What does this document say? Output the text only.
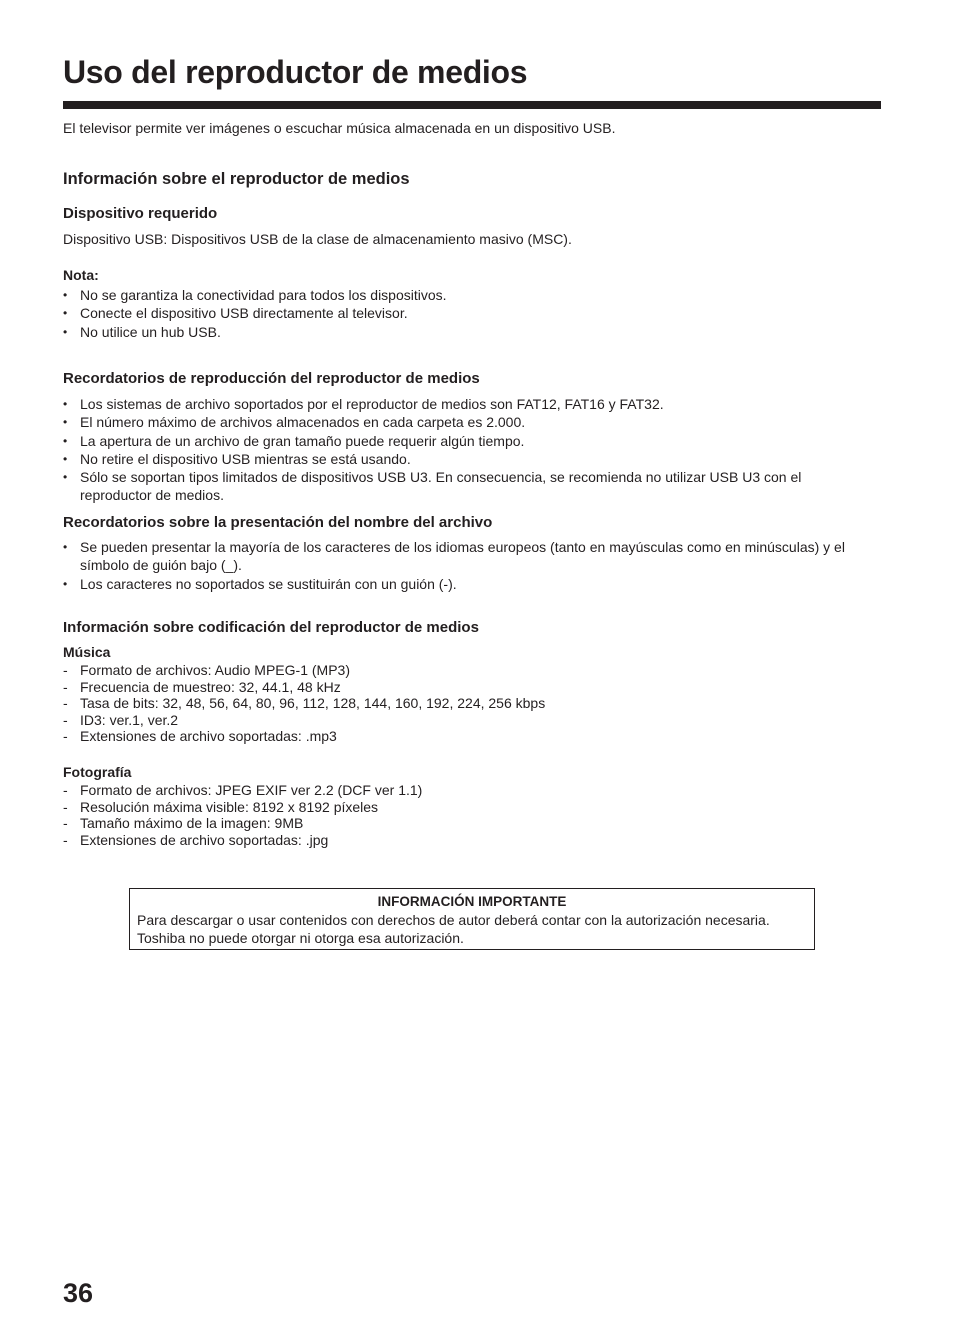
Uso del reproductor de medios

El televisor permite ver imágenes o escuchar música almacenada en un dispositivo USB.

Información sobre el reproductor de medios
Dispositivo requerido

Dispositivo USB: Dispositivos USB de la clase de almacenamiento masivo (MSC).

Nota:
• No se garantiza la conectividad para todos los dispositivos.
• Conecte el dispositivo USB directamente al televisor.
• No utilice un hub USB.
Recordatorios de reproducción del reproductor de medios
• Los sistemas de archivo soportados por el reproductor de medios son FAT12, FAT16 y FAT32.
• El número máximo de archivos almacenados en cada carpeta es 2.000.
• La apertura de un archivo de gran tamaño puede requerir algún tiempo.
• No retire el dispositivo USB mientras se está usando.
• Sólo se soportan tipos limitados de dispositivos USB U3. En consecuencia, se recomienda no utilizar USB U3 con el reproductor de medios.
Recordatorios sobre la presentación del nombre del archivo
• Se pueden presentar la mayoría de los caracteres de los idiomas europeos (tanto en mayúsculas como en minúsculas) y el símbolo de guión bajo (_).
• Los caracteres no soportados se sustituirán con un guión (-).
Información sobre codificación del reproductor de medios
Música
- Formato de archivos: Audio MPEG-1 (MP3)
- Frecuencia de muestreo: 32, 44.1, 48 kHz
- Tasa de bits: 32, 48, 56, 64, 80, 96, 112, 128, 144, 160, 192, 224, 256 kbps
- ID3: ver.1, ver.2
- Extensiones de archivo soportadas: .mp3
Fotografía
- Formato de archivos: JPEG EXIF ver 2.2 (DCF ver 1.1)
- Resolución máxima visible: 8192 x 8192 píxeles
- Tamaño máximo de la imagen: 9MB
- Extensiones de archivo soportadas: .jpg

INFORMACIÓN IMPORTANTE

Para descargar o usar contenidos con derechos de autor deberá contar con la autorización necesaria. Toshiba no puede otorgar ni otorga esa autorización.

36
